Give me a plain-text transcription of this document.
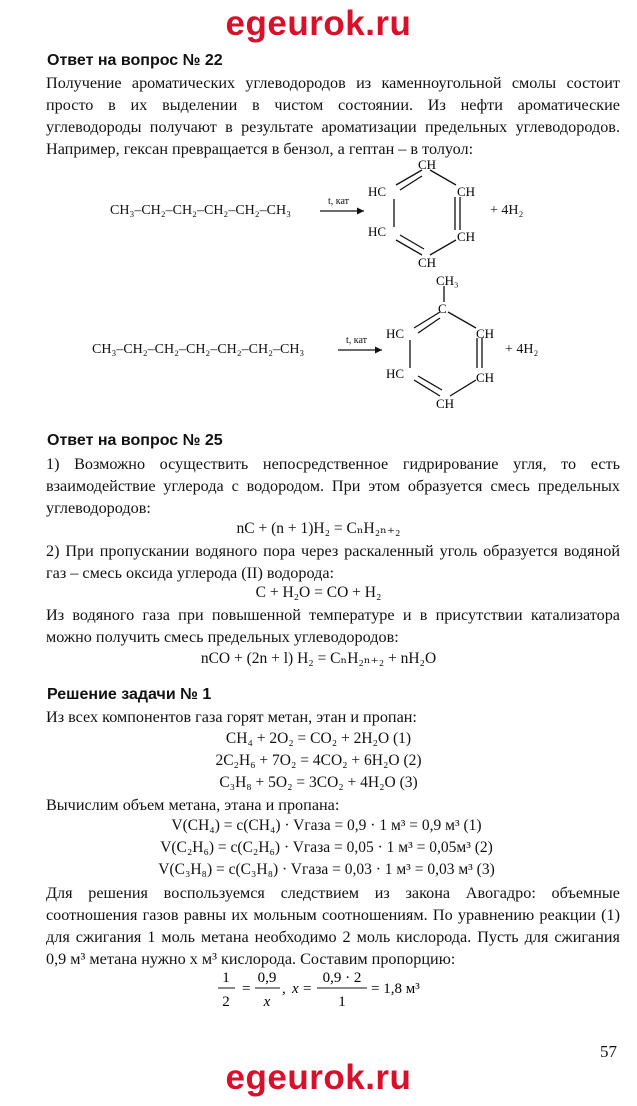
egeurok.ru
Ответ на вопрос № 22
Получение ароматических углеводородов из каменноугольной смолы состоит просто в их выделении в чистом состоянии. Из нефти ароматические углеводороды получают в результате ароматизации предельных углеводородов. Например, гексан превращается в бензол, а гептан – в толуол:
CH₃–CH₂–CH₂–CH₂–CH₂–CH₃
t, кат
CH
HC	CH
HC	CH
CH
+ 4H₂
CH₃–CH₂–CH₂–CH₂–CH₂–CH₂–CH₃
t, кат
CH₃
C
HC	CH
HC	CH
CH
+ 4H₂
Ответ на вопрос № 25
1) Возможно осуществить непосредственное гидрирование угля, то есть взаимодействие углерода с водородом. При этом образуется смесь предельных углеводородов:
nC + (n + 1)H₂ = CₙH₂ₙ₊₂
2) При пропускании водяного пора через раскаленный уголь образуется водяной газ – смесь оксида углерода (II) водорода:
C + H₂O = CO + H₂
Из водяного газа при повышенной температуре и в присутствии катализатора можно получить смесь предельных углеводородов:
nCO + (2n + l) H₂ = CₙH₂ₙ₊₂ + nH₂O
Решение задачи № 1
Из всех компонентов газа горят метан, этан и пропан:
CH₄ + 2O₂ = CO₂ + 2H₂O (1)
2C₂H₆ + 7O₂ = 4CO₂ + 6H₂O (2)
C₃H₈ + 5O₂ = 3CO₂ + 4H₂O (3)
Вычислим объем метана, этана и пропана:
V(CH₄) = c(CH₄) · Vгаза = 0,9 · 1 м³ = 0,9 м³ (1)
V(C₂H₆) = c(C₂H₆) · Vгаза = 0,05 · 1 м³ = 0,05м³ (2)
V(C₃H₈) = c(C₃H₈) · Vгаза = 0,03 · 1 м³ = 0,03 м³ (3)
Для решения воспользуемся следствием из закона Авогадро: объемные соотношения газов равны их мольным соотношениям. По уравнению реакции (1) для сжигания 1 моль метана необходимо 2 моль кислорода. Пусть для сжигания 0,9 м³ метана нужно x м³ кислорода. Составим пропорцию:
1
2
=
0,9
x
, x =
0,9 · 2
1
= 1,8 м³
57
egeurok.ru
